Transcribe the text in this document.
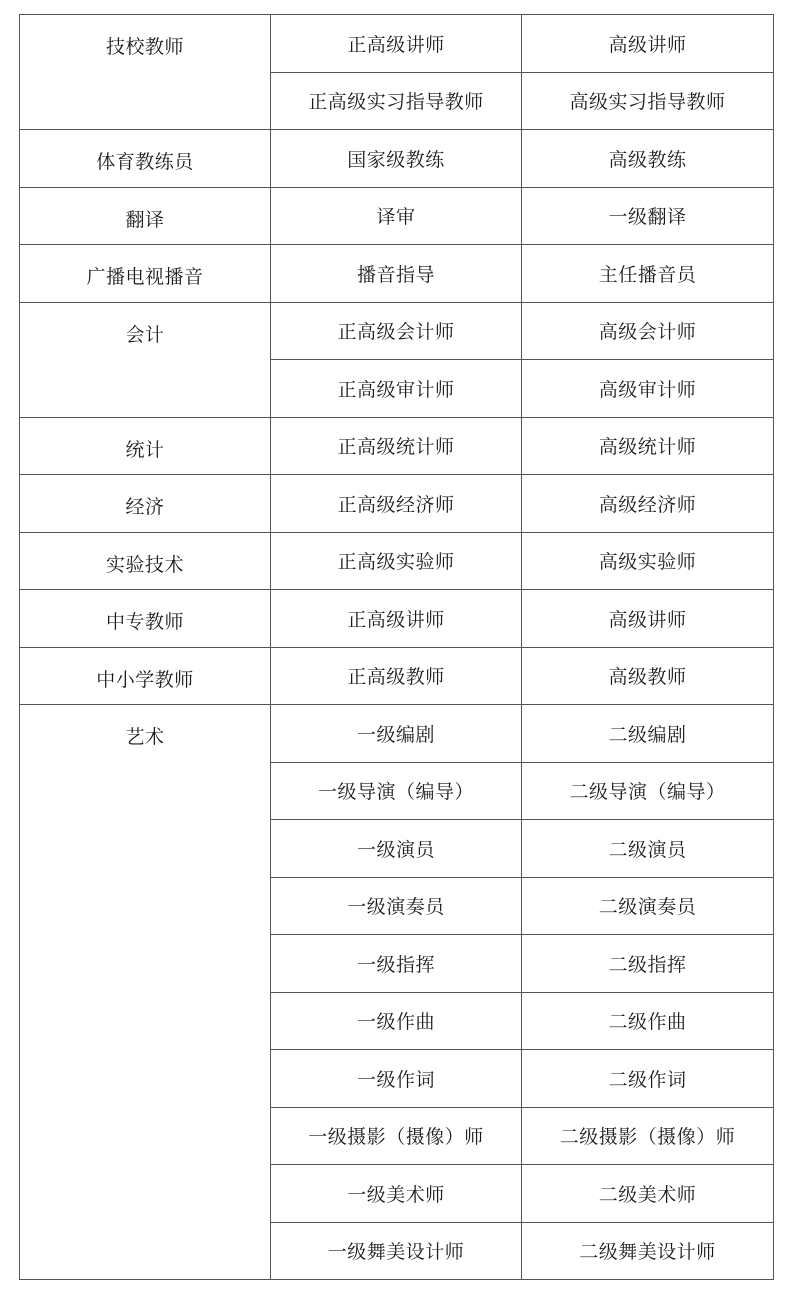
技校教师	正高级讲师	高级讲师
	正高级实习指导教师	高级实习指导教师
体育教练员	国家级教练	高级教练
翻译	译审	一级翻译
广播电视播音	播音指导	主任播音员
会计	正高级会计师	高级会计师
	正高级审计师	高级审计师
统计	正高级统计师	高级统计师
经济	正高级经济师	高级经济师
实验技术	正高级实验师	高级实验师
中专教师	正高级讲师	高级讲师
中小学教师	正高级教师	高级教师
艺术	一级编剧	二级编剧
	一级导演（编导）	二级导演（编导）
	一级演员	二级演员
	一级演奏员	二级演奏员
	一级指挥	二级指挥
	一级作曲	二级作曲
	一级作词	二级作词
	一级摄影（摄像）师	二级摄影（摄像）师
	一级美术师	二级美术师
	一级舞美设计师	二级舞美设计师
